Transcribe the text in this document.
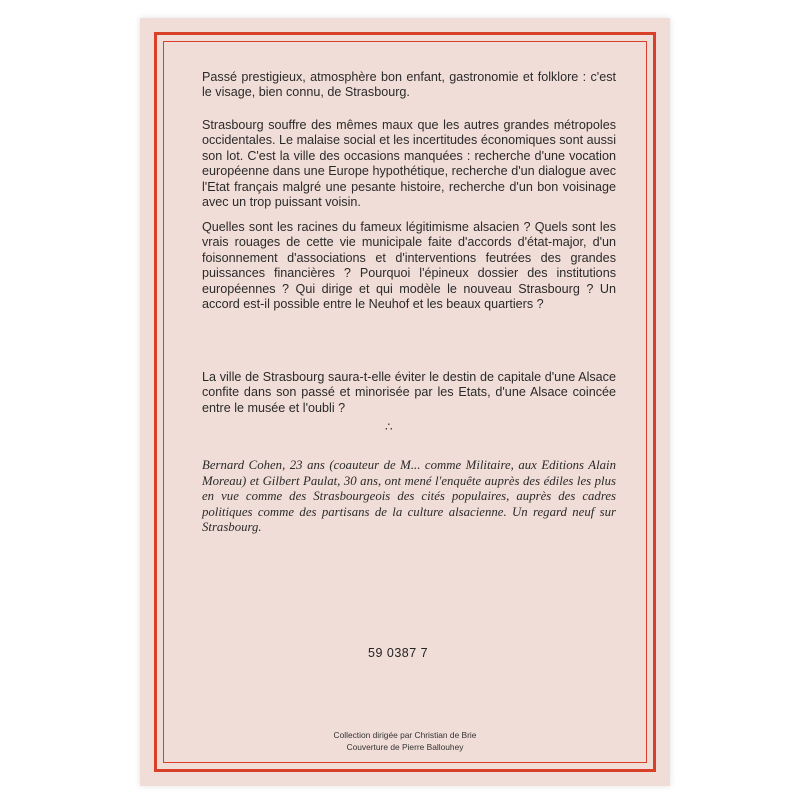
Passé prestigieux, atmosphère bon enfant, gastronomie et folklore : c'est le visage, bien connu, de Strasbourg.
Strasbourg souffre des mêmes maux que les autres grandes métropoles occidentales. Le malaise social et les incertitudes économiques sont aussi son lot. C'est la ville des occasions manquées : recherche d'une vocation européenne dans une Europe hypothétique, recherche d'un dialogue avec l'Etat français malgré une pesante histoire, recherche d'un bon voisinage avec un trop puissant voisin.
Quelles sont les racines du fameux légitimisme alsacien ? Quels sont les vrais rouages de cette vie municipale faite d'accords d'état-major, d'un foisonnement d'associations et d'interventions feutrées des grandes puissances financières ? Pourquoi l'épineux dossier des institutions européennes ? Qui dirige et qui modèle le nouveau Strasbourg ? Un accord est-il possible entre le Neuhof et les beaux quartiers ?
La ville de Strasbourg saura-t-elle éviter le destin de capitale d'une Alsace confite dans son passé et minorisée par les Etats, d'une Alsace coincée entre le musée et l'oubli ?
∴
Bernard Cohen, 23 ans (coauteur de M... comme Militaire, aux Editions Alain Moreau) et Gilbert Paulat, 30 ans, ont mené l'enquête auprès des édiles les plus en vue comme des Strasbourgeois des cités populaires, auprès des cadres politiques comme des partisans de la culture alsacienne. Un regard neuf sur Strasbourg.
59 0387 7
Collection dirigée par Christian de Brie
Couverture de Pierre Ballouhey
